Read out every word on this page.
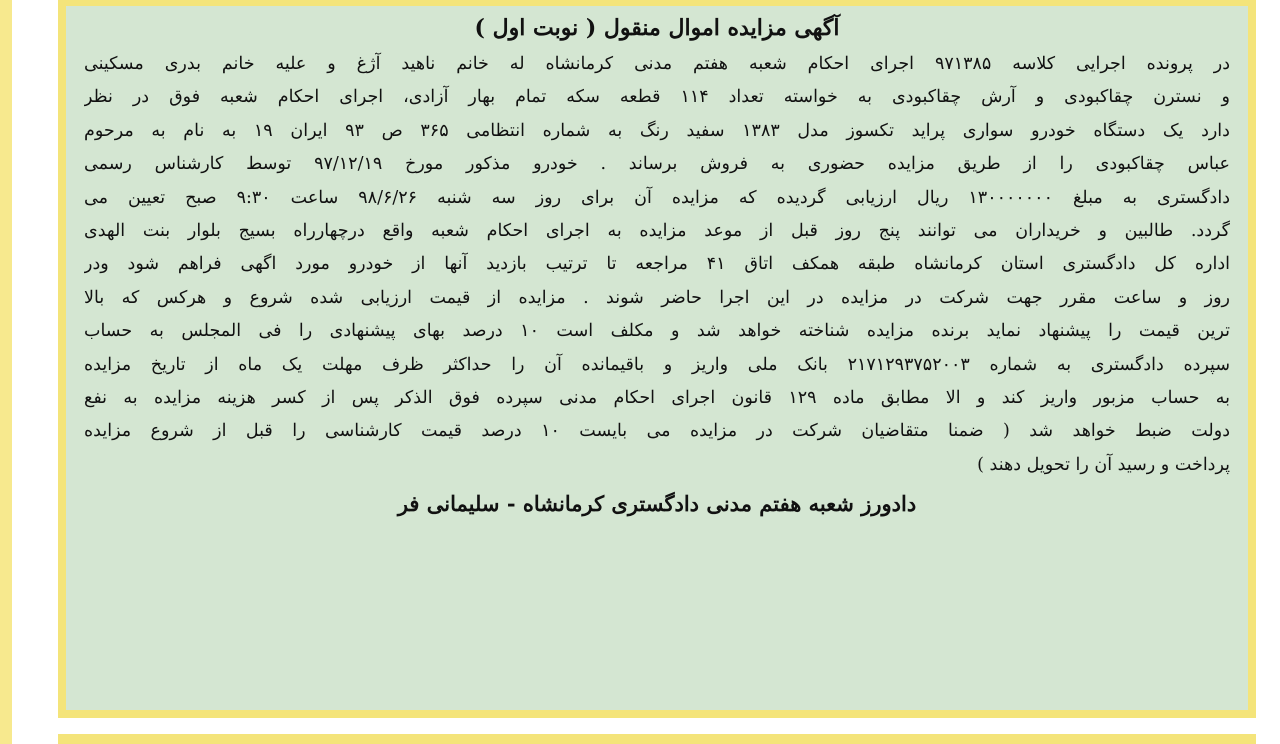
آگهی مزایده اموال منقول ( نوبت اول )
در پرونده اجرایی کلاسه ۹۷۱۳۸۵ اجرای احکام شعبه هفتم مدنی کرمانشاه له خانم ناهید آژغ و علیه خانم بدری مسکینی
و نسترن چقاکبودی و آرش چقاکبودی به خواسته تعداد ۱۱۴ قطعه سکه تمام بهار آزادی، اجرای احکام شعبه فوق در نظر
دارد یک دستگاه خودرو سواری پراید تکسوز مدل ۱۳۸۳ سفید رنگ به شماره انتظامی ۳۶۵ ص ۹۳ ایران ۱۹ به نام به مرحوم
عباس چقاکبودی را از طریق مزایده حضوری به فروش برساند . خودرو مذکور مورخ ۹۷/۱۲/۱۹ توسط کارشناس رسمی
دادگستری به مبلغ ۱۳۰۰۰۰۰۰۰ ریال ارزیابی گردیده که مزایده آن برای روز سه شنبه ۹۸/۶/۲۶ ساعت ۹:۳۰ صبح تعیین می
گردد. طالبین و خریداران می توانند پنج روز قبل از موعد مزایده به اجرای احکام شعبه واقع درچهارراه بسیج بلوار بنت الهدی
اداره کل دادگستری استان کرمانشاه طبقه همکف اتاق ۴۱ مراجعه تا ترتیب بازدید آنها از خودرو مورد اگهی فراهم شود ودر
روز و ساعت مقرر جهت شرکت در مزایده در این اجرا حاضر شوند . مزایده از قیمت ارزیابی شده شروع و هرکس که بالا
ترین قیمت را پیشنهاد نماید برنده مزایده شناخته خواهد شد و مکلف است ۱۰ درصد بهای پیشنهادی را فی المجلس به حساب
سپرده دادگستری به شماره ۲۱۷۱۲۹۳۷۵۲۰۰۳ بانک ملی واریز و باقیمانده آن را حداکثر ظرف مهلت یک ماه از تاریخ مزایده
به حساب مزبور واریز کند و الا مطابق ماده ۱۲۹ قانون اجرای احکام مدنی سپرده فوق الذکر پس از کسر هزینه مزایده به نفع
دولت ضبط خواهد شد ( ضمنا متقاضیان شرکت در مزایده می بایست ۱۰ درصد قیمت کارشناسی را قبل از شروع مزایده
پرداخت و رسید آن را تحویل دهند )
دادورز شعبه هفتم مدنی دادگستری کرمانشاه - سلیمانی فر
